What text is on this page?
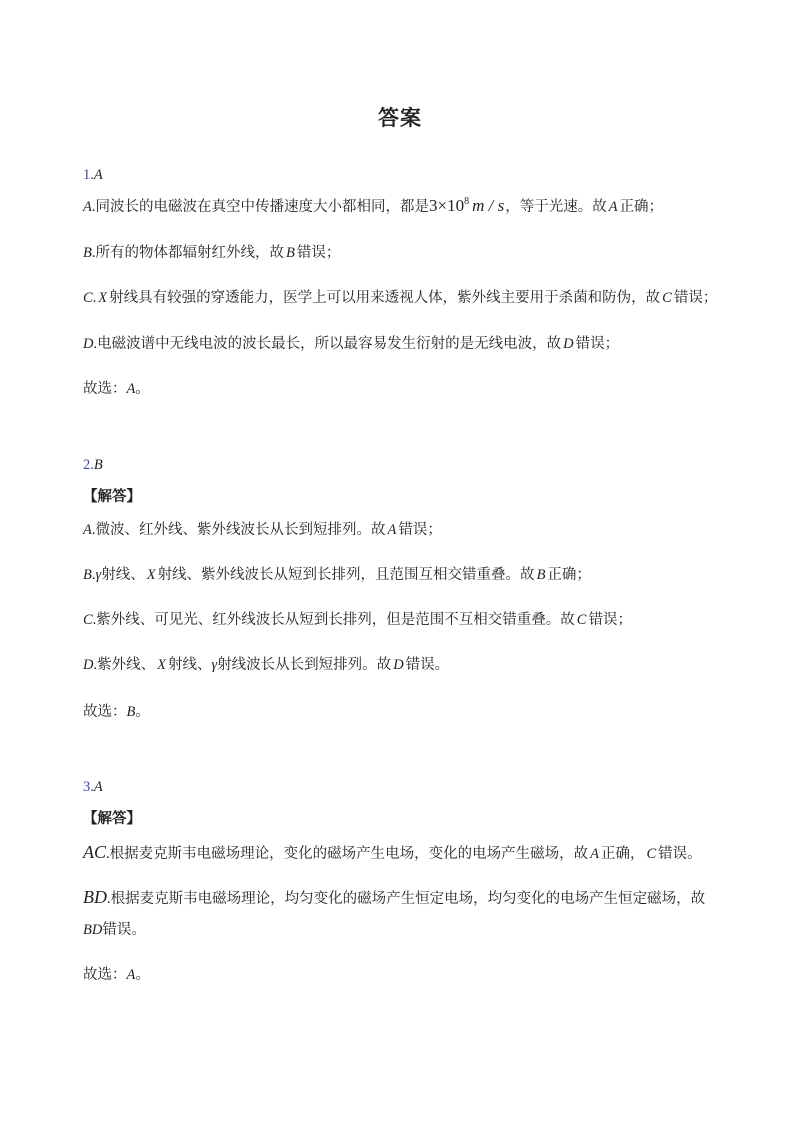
答案
1.A
A.同波长的电磁波在真空中传播速度大小都相同，都是$3\times 10^8$ m / s，等于光速。故 A 正确；
B.所有的物体都辐射红外线，故 B 错误；
C. X 射线具有较强的穿透能力，医学上可以用来透视人体，紫外线主要用于杀菌和防伪，故 C 错误；
D.电磁波谱中无线电波的波长最长，所以最容易发生衍射的是无线电波，故 D 错误；
故选：A。
2.B
【解答】
A.微波、红外线、紫外线波长从长到短排列。故 A 错误；
B.γ射线、 X 射线、紫外线波长从短到长排列，且范围互相交错重叠。故 B 正确；
C.紫外线、可见光、红外线波长从短到长排列，但是范围不互相交错重叠。故 C 错误；
D.紫外线、 X 射线、γ射线波长从长到短排列。故 D 错误。
故选：B。
3.A
【解答】
AC.根据麦克斯韦电磁场理论，变化的磁场产生电场，变化的电场产生磁场，故 A 正确， C 错误。
BD.根据麦克斯韦电磁场理论，均匀变化的磁场产生恒定电场，均匀变化的电场产生恒定磁场，故
BD错误。
故选：A。
